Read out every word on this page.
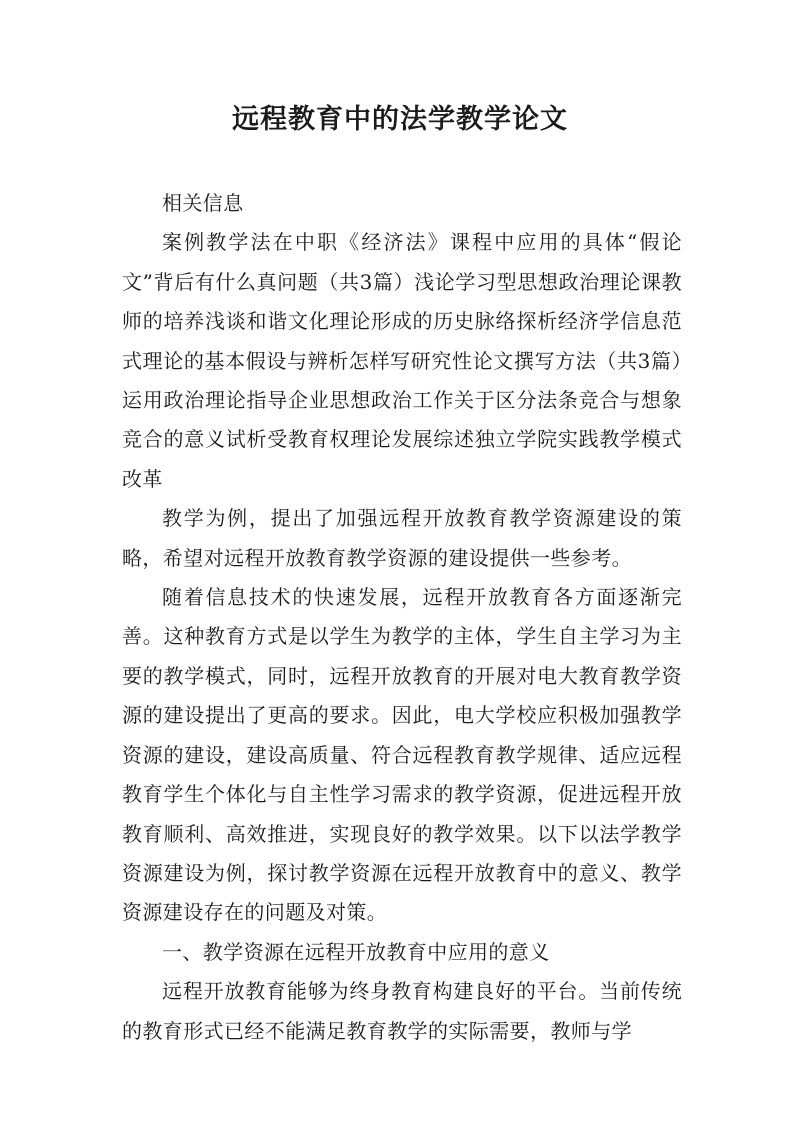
远程教育中的法学教学论文

相关信息

案例教学法在中职《经济法》课程中应用的具体“假论文”背后有什么真问题（共3篇）浅论学习型思想政治理论课教师的培养浅谈和谐文化理论形成的历史脉络探析经济学信息范式理论的基本假设与辨析怎样写研究性论文撰写方法（共3篇）运用政治理论指导企业思想政治工作关于区分法条竞合与想象竞合的意义试析受教育权理论发展综述独立学院实践教学模式改革

教学为例，提出了加强远程开放教育教学资源建设的策略，希望对远程开放教育教学资源的建设提供一些参考。

随着信息技术的快速发展，远程开放教育各方面逐渐完善。这种教育方式是以学生为教学的主体，学生自主学习为主要的教学模式，同时，远程开放教育的开展对电大教育教学资源的建设提出了更高的要求。因此，电大学校应积极加强教学资源的建设，建设高质量、符合远程教育教学规律、适应远程教育学生个体化与自主性学习需求的教学资源，促进远程开放教育顺利、高效推进，实现良好的教学效果。以下以法学教学资源建设为例，探讨教学资源在远程开放教育中的意义、教学资源建设存在的问题及对策。

一、教学资源在远程开放教育中应用的意义

远程开放教育能够为终身教育构建良好的平台。当前传统的教育形式已经不能满足教育教学的实际需要，教师与学
